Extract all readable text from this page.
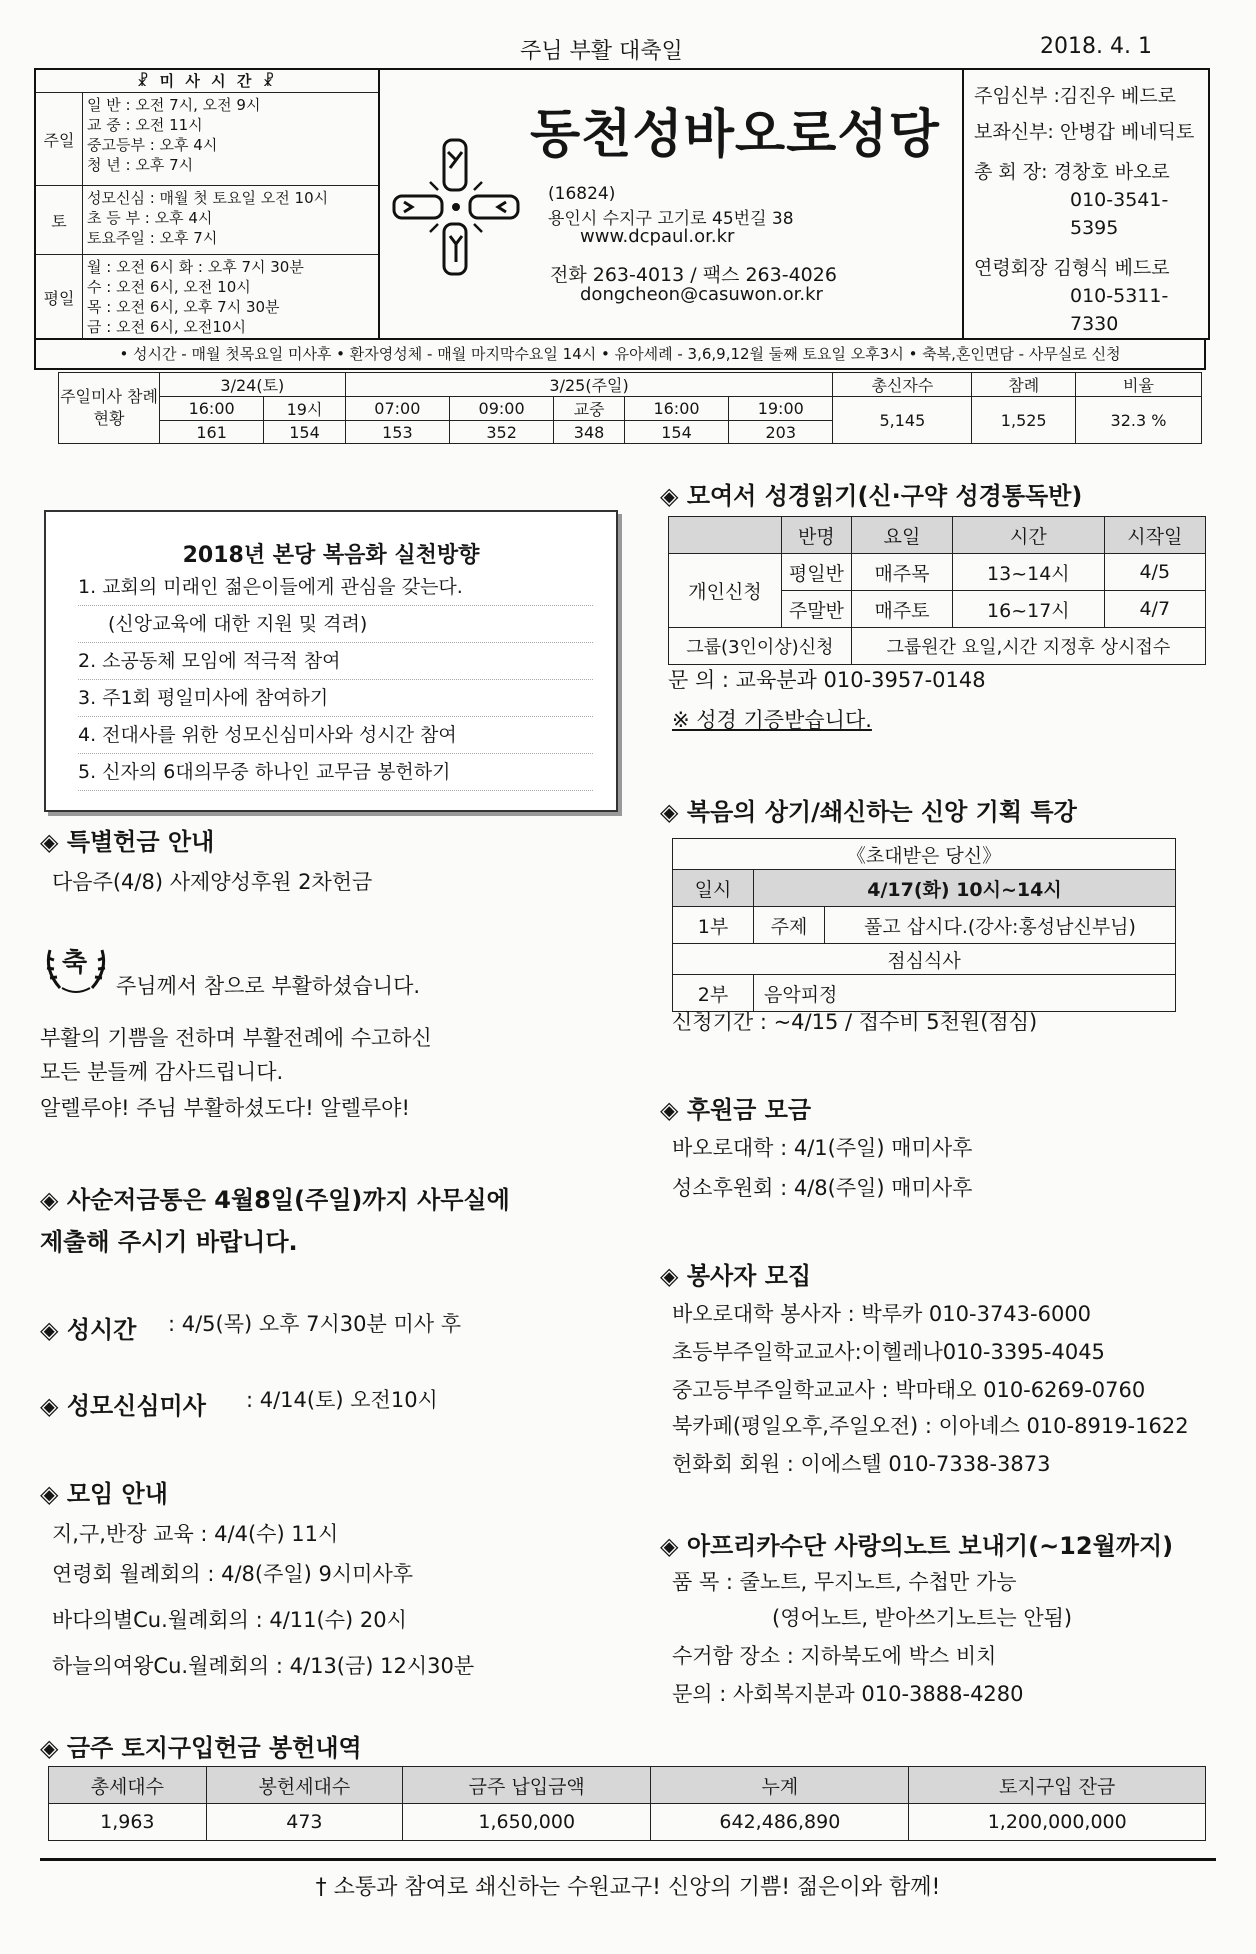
주님 부활 대축일	2018. 4. 1
☧ 미 사 시 간 ☧
주일
일 반 : 오전 7시, 오전 9시
교 중 : 오전 11시
중고등부 : 오후 4시
청 년 : 오후 7시
토
성모신심 : 매월 첫 토요일 오전 10시
초 등 부 : 오후 4시
토요주일 : 오후 7시
평일
월 : 오전 6시 화 : 오후 7시 30분
수 : 오전 6시, 오전 10시
목 : 오전 6시, 오후 7시 30분
금 : 오전 6시, 오전10시
동천성바오로성당
(16824)
용인시 수지구 고기로 45번길 38
www.dcpaul.or.kr
전화 263-4013 / 팩스 263-4026
dongcheon@casuwon.or.kr
주임신부 :김진우 베드로
보좌신부: 안병갑 베네딕토
총 회 장: 경창호 바오로
010-3541-5395
연령회장 김형식 베드로
010-5311-7330
• 성시간 - 매월 첫목요일 미사후 • 환자영성체 - 매월 마지막수요일 14시 • 유아세례 - 3,6,9,12월 둘째 토요일 오후3시 • 축복,혼인면담 - 사무실로 신청
주일미사 참례현황	3/24(토)		3/25(주일)					총신자수	참례	비율
	16:00	19시	07:00	09:00	교중	16:00	19:00	5,145	1,525	32.3 %
	161	154	153	352	348	154	203			
2018년 본당 복음화 실천방향
1. 교회의 미래인 젊은이들에게 관심을 갖는다.
(신앙교육에 대한 지원 및 격려)
2. 소공동체 모임에 적극적 참여
3. 주1회 평일미사에 참여하기
4. 전대사를 위한 성모신심미사와 성시간 참여
5. 신자의 6대의무중 하나인 교무금 봉헌하기
◈ 특별헌금 안내
다음주(4/8) 사제양성후원 2차헌금
축
주님께서 참으로 부활하셨습니다.
부활의 기쁨을 전하며 부활전례에 수고하신
모든 분들께 감사드립니다.
알렐루야! 주님 부활하셨도다! 알렐루야!
◈ 사순저금통은 4월8일(주일)까지 사무실에
제출해 주시기 바랍니다.
◈ 성시간 : 4/5(목) 오후 7시30분 미사 후
◈ 성모신심미사 : 4/14(토) 오전10시
◈ 모임 안내
지,구,반장 교육 : 4/4(수) 11시
연령회 월례회의 : 4/8(주일) 9시미사후
바다의별Cu.월례회의 : 4/11(수) 20시
하늘의여왕Cu.월례회의 : 4/13(금) 12시30분
◈ 모여서 성경읽기(신·구약 성경통독반)
	반명	요일	시간	시작일
개인신청	평일반	매주목	13~14시	4/5
	주말반	매주토	16~17시	4/7
그룹(3인이상)신청		그룹원간 요일,시간 지정후 상시접수		
문 의 : 교육분과 010-3957-0148
※ 성경 기증받습니다.
◈ 복음의 상기/쇄신하는 신앙 기획 특강
《초대받은 당신》		
일시	4/17(화) 10시~14시	
1부	주제	풀고 삽시다.(강사:홍성남신부님)
점심식사		
2부	음악피정	
신청기간 : ~4/15 / 접수비 5천원(점심)
◈ 후원금 모금
바오로대학 : 4/1(주일) 매미사후
성소후원회 : 4/8(주일) 매미사후
◈ 봉사자 모집
바오로대학 봉사자 : 박루카 010-3743-6000
초등부주일학교교사:이헬레나010-3395-4045
중고등부주일학교교사 : 박마태오 010-6269-0760
북카페(평일오후,주일오전) : 이아녜스 010-8919-1622
헌화회 회원 : 이에스텔 010-7338-3873
◈ 아프리카수단 사랑의노트 보내기(~12월까지)
품 목 : 줄노트, 무지노트, 수첩만 가능
(영어노트, 받아쓰기노트는 안됨)
수거함 장소 : 지하북도에 박스 비치
문의 : 사회복지분과 010-3888-4280
◈ 금주 토지구입헌금 봉헌내역
총세대수	봉헌세대수	금주 납입금액	누계	토지구입 잔금
1,963	473	1,650,000	642,486,890	1,200,000,000
† 소통과 참여로 쇄신하는 수원교구! 신앙의 기쁨! 젊은이와 함께!
